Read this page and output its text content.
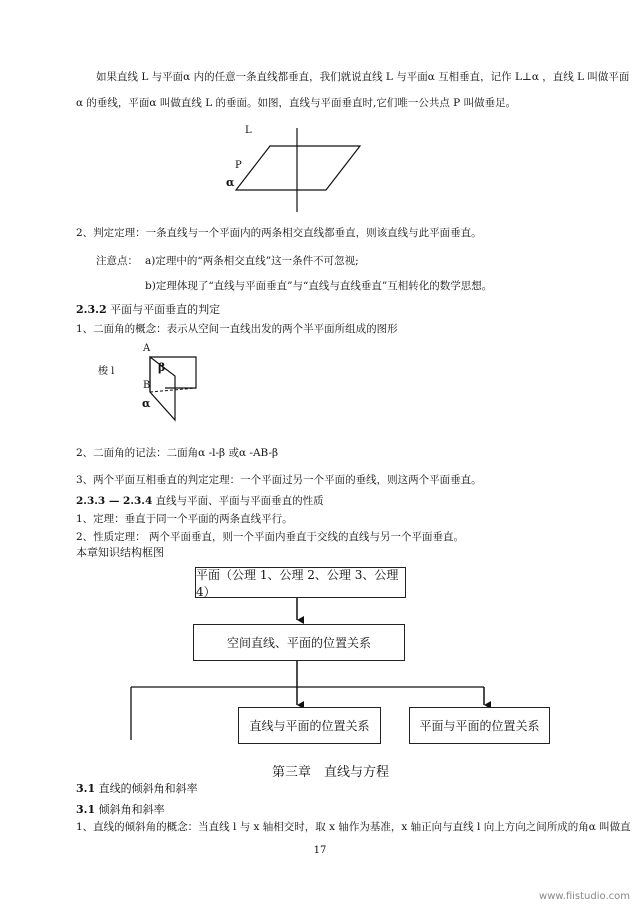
如果直线 L 与平面α 内的任意一条直线都垂直，我们就说直线 L 与平面α 互相垂直，记作 L⊥α ，直线 L 叫做平面
α 的垂线，平面α 叫做直线 L 的垂面。如图，直线与平面垂直时,它们唯一公共点 P 叫做垂足。
L
P
α
2、判定定理：一条直线与一个平面内的两条相交直线都垂直，则该直线与此平面垂直。
注意点： a)定理中的“两条相交直线”这一条件不可忽视;
b)定理体现了“直线与平面垂直”与“直线与直线垂直”互相转化的数学思想。
2.3.2 平面与平面垂直的判定
1、二面角的概念：表示从空间一直线出发的两个半平面所组成的图形
A
梭 l
B
β
α
2、二面角的记法：二面角α -l-β 或α -AB-β
3、两个平面互相垂直的判定定理：一个平面过另一个平面的垂线，则这两个平面垂直。
2.3.3 — 2.3.4 直线与平面、平面与平面垂直的性质
1、定理：垂直于同一个平面的两条直线平行。
2、性质定理： 两个平面垂直，则一个平面内垂直于交线的直线与另一个平面垂直。
本章知识结构框图
平面（公理 1、公理 2、公理 3、公理 4）
空间直线、平面的位置关系
直线与平面的位置关系	平面与平面的位置关系
第三章　直线与方程
3.1 直线的倾斜角和斜率
3.1 倾斜角和斜率
1、直线的倾斜角的概念：当直线 l 与 x 轴相交时，取 x 轴作为基准，x 轴正向与直线 l 向上方向之间所成的角α 叫做直
17
www.fiistudio.com
